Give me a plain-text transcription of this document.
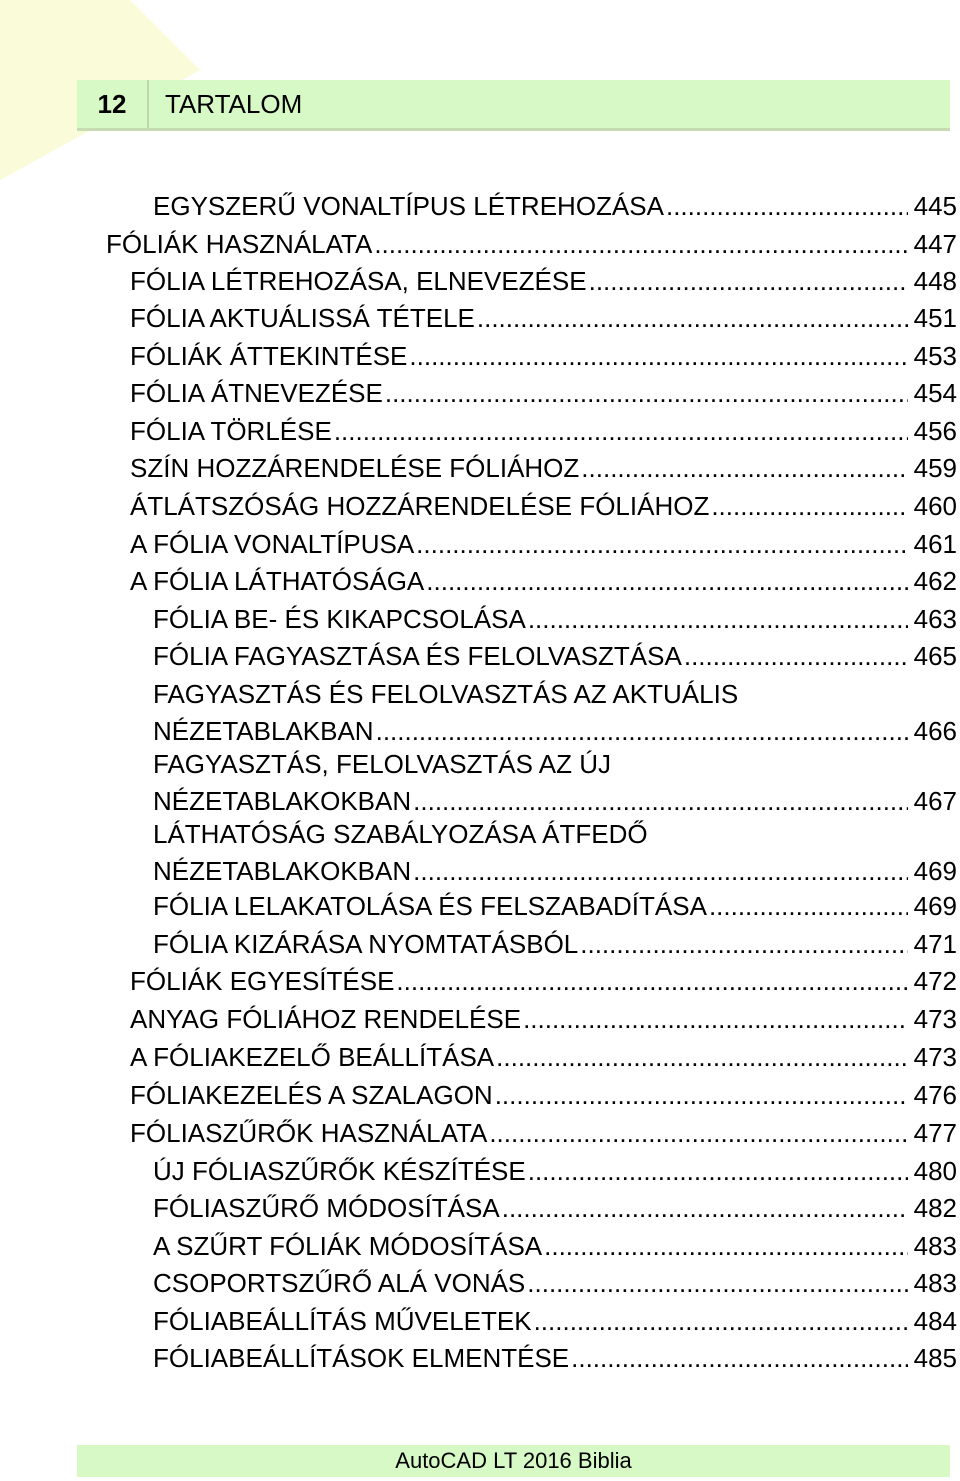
12	TARTALOM
EGYSZERŰ VONALTÍPUS LÉTREHOZÁSA .....	445
FÓLIÁK HASZNÁLATA .....	447
FÓLIA LÉTREHOZÁSA, ELNEVEZÉSE .....	448
FÓLIA AKTUÁLISSÁ TÉTELE .....	451
FÓLIÁK ÁTTEKINTÉSE .....	453
FÓLIA ÁTNEVEZÉSE .....	454
FÓLIA TÖRLÉSE .....	456
SZÍN HOZZÁRENDELÉSE FÓLIÁHOZ .....	459
ÁTLÁTSZÓSÁG HOZZÁRENDELÉSE FÓLIÁHOZ .....	460
A FÓLIA VONALTÍPUSA .....	461
A FÓLIA LÁTHATÓSÁGA .....	462
FÓLIA BE- ÉS KIKAPCSOLÁSA .....	463
FÓLIA FAGYASZTÁSA ÉS FELOLVASZTÁSA .....	465
FAGYASZTÁS ÉS FELOLVASZTÁS AZ AKTUÁLIS
NÉZETABLAKBAN .....	466
FAGYASZTÁS, FELOLVASZTÁS AZ ÚJ
NÉZETABLAKOKBAN .....	467
LÁTHATÓSÁG SZABÁLYOZÁSA ÁTFEDŐ
NÉZETABLAKOKBAN .....	469
FÓLIA LELAKATOLÁSA ÉS FELSZABADÍTÁSA .....	469
FÓLIA KIZÁRÁSA NYOMTATÁSBÓL .....	471
FÓLIÁK EGYESÍTÉSE .....	472
ANYAG FÓLIÁHOZ RENDELÉSE .....	473
A FÓLIAKEZELŐ BEÁLLÍTÁSA .....	473
FÓLIAKEZELÉS A SZALAGON .....	476
FÓLIASZŰRŐK HASZNÁLATA .....	477
ÚJ FÓLIASZŰRŐK KÉSZÍTÉSE .....	480
FÓLIASZŰRŐ MÓDOSÍTÁSA .....	482
A SZŰRT FÓLIÁK MÓDOSÍTÁSA .....	483
CSOPORTSZŰRŐ ALÁ VONÁS .....	483
FÓLIABEÁLLÍTÁS MŰVELETEK .....	484
FÓLIABEÁLLÍTÁSOK ELMENTÉSE .....	485
AutoCAD LT 2016 Biblia
